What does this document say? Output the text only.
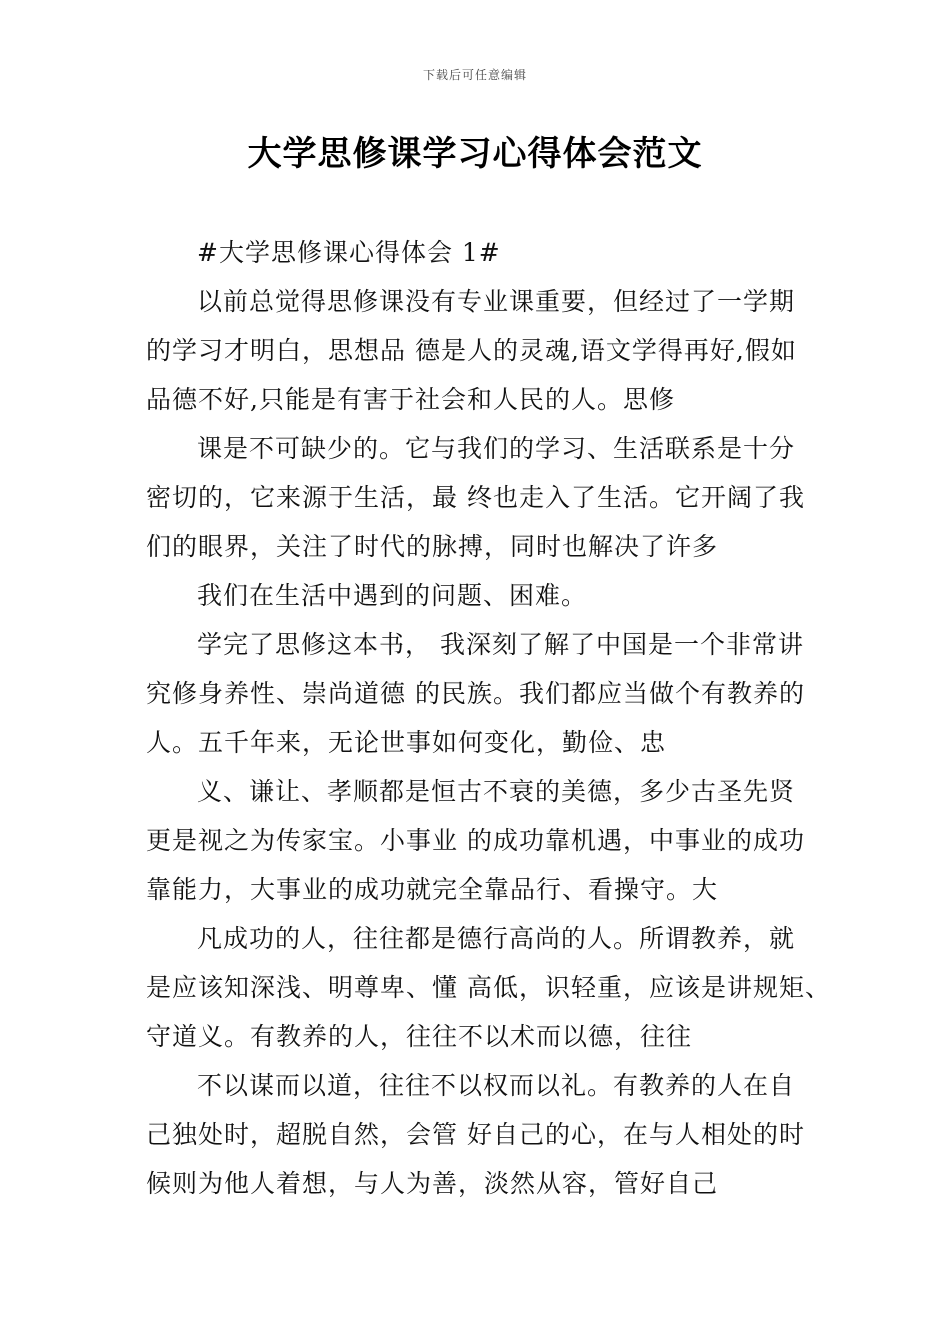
下载后可任意编辑
大学思修课学习心得体会范文

#大学思修课心得体会 1#

以前总觉得思修课没有专业课重要，但经过了一学期
的学习才明白，思想品 德是人的灵魂,语文学得再好,假如
品德不好,只能是有害于社会和人民的人。思修

课是不可缺少的。它与我们的学习、生活联系是十分
密切的，它来源于生活，最 终也走入了生活。它开阔了我
们的眼界，关注了时代的脉搏，同时也解决了许多

我们在生活中遇到的问题、困难。

学完了思修这本书， 我深刻了解了中国是一个非常讲
究修身养性、崇尚道德 的民族。我们都应当做个有教养的
人。五千年来，无论世事如何变化，勤俭、忠

义、谦让、孝顺都是恒古不衰的美德，多少古圣先贤
更是视之为传家宝。小事业 的成功靠机遇，中事业的成功
靠能力，大事业的成功就完全靠品行、看操守。大

凡成功的人，往往都是德行高尚的人。所谓教养，就
是应该知深浅、明尊卑、懂 高低，识轻重，应该是讲规矩、
守道义。有教养的人，往往不以术而以德，往往

不以谋而以道，往往不以权而以礼。有教养的人在自
己独处时，超脱自然，会管 好自己的心，在与人相处的时
候则为他人着想，与人为善，淡然从容，管好自己
